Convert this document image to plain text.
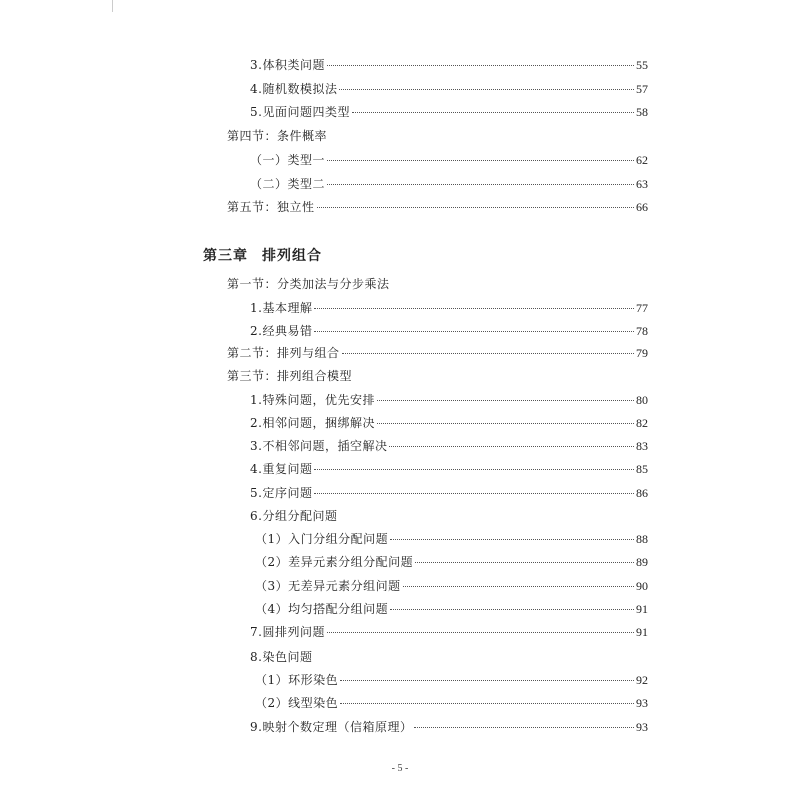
3.体积类问题	55
4.随机数模拟法	57
5.见面问题四类型	58
第四节：条件概率
（一）类型一	62
（二）类型二	63
第五节：独立性	66
第三章 排列组合
第一节：分类加法与分步乘法
1.基本理解	77
2.经典易错	78
第二节：排列与组合	79
第三节：排列组合模型
1.特殊问题，优先安排	80
2.相邻问题，捆绑解决	82
3.不相邻问题，插空解决	83
4.重复问题	85
5.定序问题	86
6.分组分配问题
（1）入门分组分配问题	88
（2）差异元素分组分配问题	89
（3）无差异元素分组问题	90
（4）均匀搭配分组问题	91
7.圆排列问题	91
8.染色问题
（1）环形染色	92
（2）线型染色	93
9.映射个数定理（信箱原理）	93
- 5 -
